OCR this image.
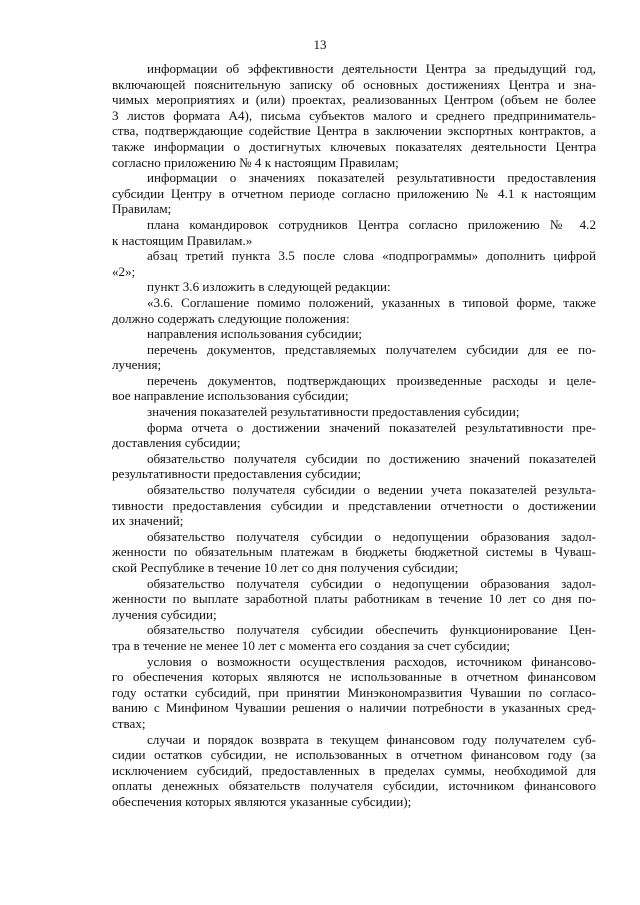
13
информации об эффективности деятельности Центра за предыдущий год,
включающей пояснительную записку об основных достижениях Центра и зна-
чимых мероприятиях и (или) проектах, реализованных Центром (объем не более
3 листов формата А4), письма субъектов малого и среднего предприниматель-
ства, подтверждающие содействие Центра в заключении экспортных контрактов, а
также информации о достигнутых ключевых показателях деятельности Центра
согласно приложению № 4 к настоящим Правилам;
информации о значениях показателей результативности предоставления
субсидии Центру в отчетном периоде согласно приложению № 4.1 к настоящим
Правилам;
плана командировок сотрудников Центра согласно приложению № 4.2
к настоящим Правилам.»
абзац третий пункта 3.5 после слова «подпрограммы» дополнить цифрой
«2»;
пункт 3.6 изложить в следующей редакции:
«3.6. Соглашение помимо положений, указанных в типовой форме, также
должно содержать следующие положения:
направления использования субсидии;
перечень документов, представляемых получателем субсидии для ее по-
лучения;
перечень документов, подтверждающих произведенные расходы и целе-
вое направление использования субсидии;
значения показателей результативности предоставления субсидии;
форма отчета о достижении значений показателей результативности пре-
доставления субсидии;
обязательство получателя субсидии по достижению значений показателей
результативности предоставления субсидии;
обязательство получателя субсидии о ведении учета показателей результа-
тивности предоставления субсидии и представлении отчетности о достижении
их значений;
обязательство получателя субсидии о недопущении образования задол-
женности по обязательным платежам в бюджеты бюджетной системы в Чуваш-
ской Республике в течение 10 лет со дня получения субсидии;
обязательство получателя субсидии о недопущении образования задол-
женности по выплате заработной платы работникам в течение 10 лет со дня по-
лучения субсидии;
обязательство получателя субсидии обеспечить функционирование Цен-
тра в течение не менее 10 лет с момента его создания за счет субсидии;
условия о возможности осуществления расходов, источником финансово-
го обеспечения которых являются не использованные в отчетном финансовом
году остатки субсидий, при принятии Минэкономразвития Чувашии по согласо-
ванию с Минфином Чувашии решения о наличии потребности в указанных сред-
ствах;
случаи и порядок возврата в текущем финансовом году получателем суб-
сидии остатков субсидии, не использованных в отчетном финансовом году (за
исключением субсидий, предоставленных в пределах суммы, необходимой для
оплаты денежных обязательств получателя субсидии, источником финансового
обеспечения которых являются указанные субсидии);
